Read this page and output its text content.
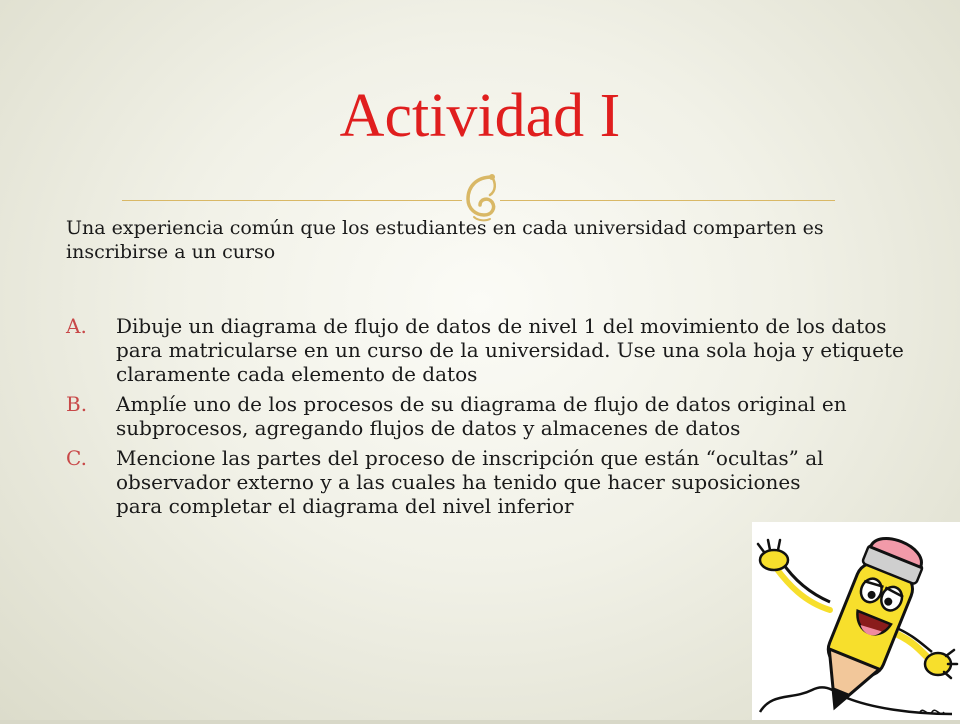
Actividad I
Una experiencia común que los estudiantes en cada universidad comparten es inscribirse a un curso
A. Dibuje un diagrama de flujo de datos de nivel 1 del movimiento de los datos para matricularse en un curso de la universidad. Use una sola hoja y etiquete claramente cada elemento de datos
B. Amplíe uno de los procesos de su diagrama de flujo de datos original en subprocesos, agregando flujos de datos y almacenes de datos
C. Mencione las partes del proceso de inscripción que están “ocultas” al observador externo y a las cuales ha tenido que hacer suposiciones para completar el diagrama del nivel inferior
